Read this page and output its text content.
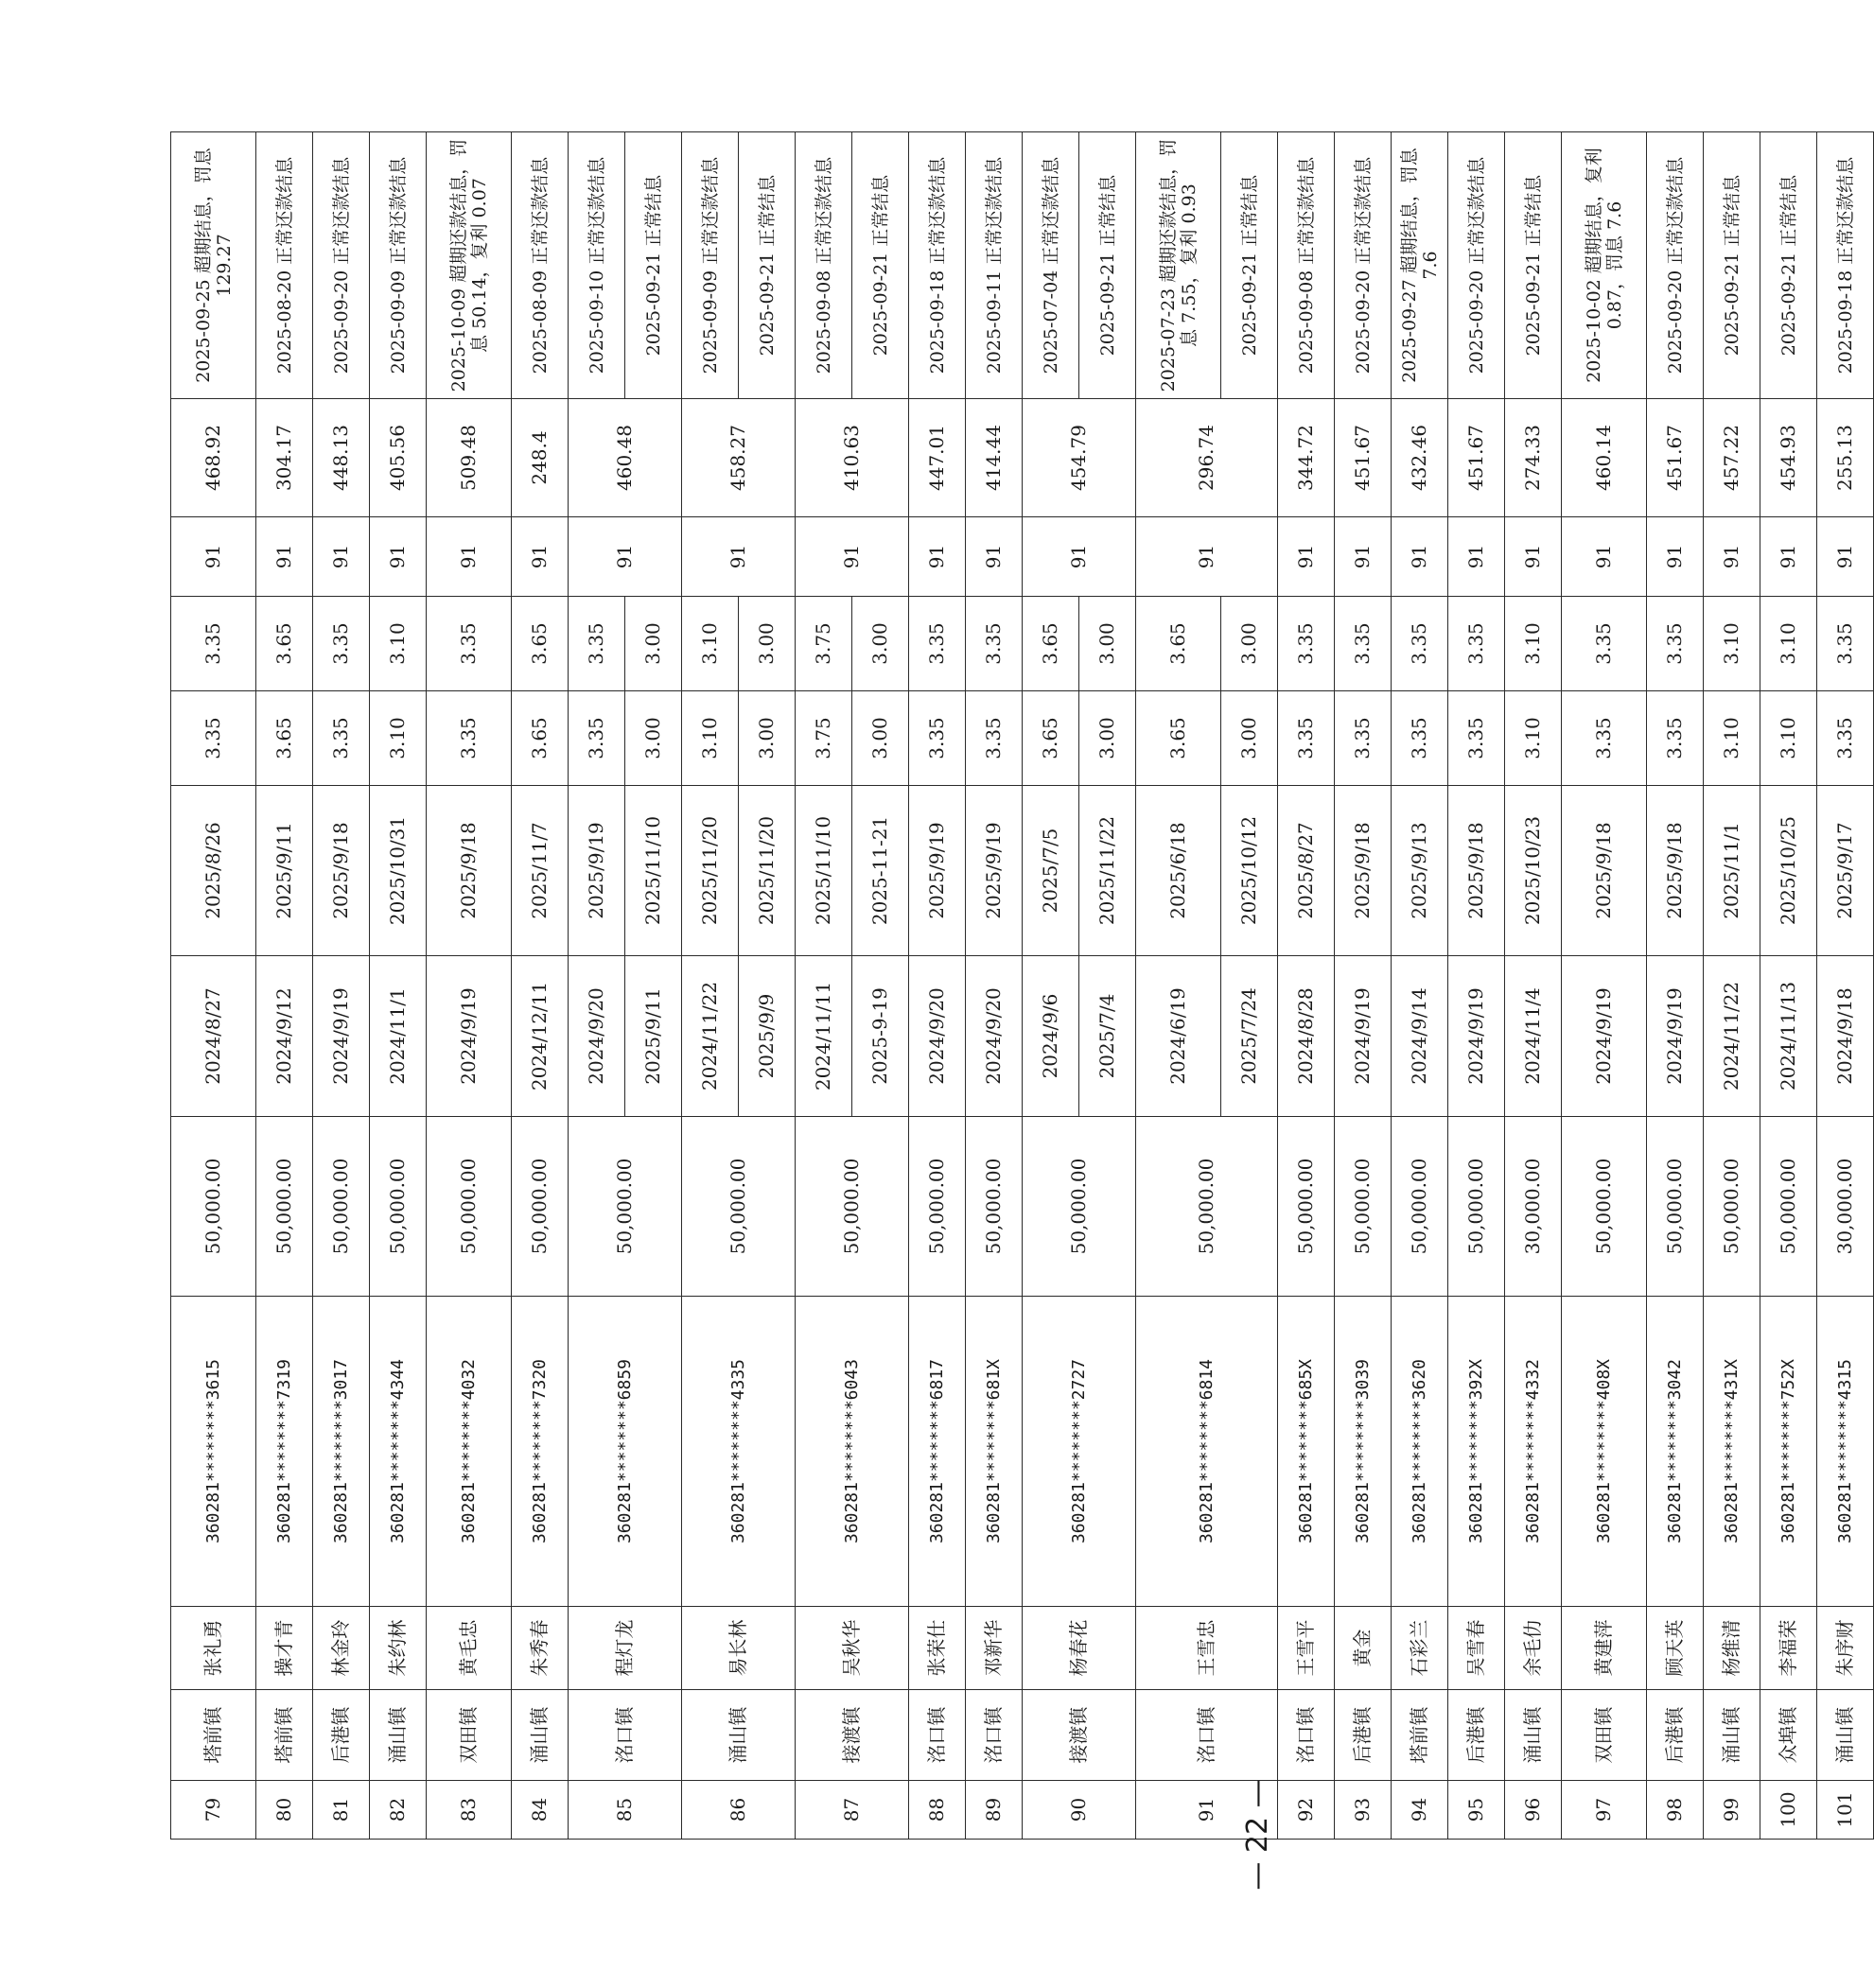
79	塔前镇	张礼勇	360281********3615	50,000.00	2024/8/27	2025/8/26	3.35	3.35	91	468.92	2025-09-25 超期结息，罚息129.27
80	塔前镇	操才青	360281********7319	50,000.00	2024/9/12	2025/9/11	3.65	3.65	91	304.17	2025-08-20 正常还款结息
81	后港镇	林金玲	360281********3017	50,000.00	2024/9/19	2025/9/18	3.35	3.35	91	448.13	2025-09-20 正常还款结息
82	涌山镇	朱约林	360281********4344	50,000.00	2024/11/1	2025/10/31	3.10	3.10	91	405.56	2025-09-09 正常还款结息
83	双田镇	黄毛忠	360281********4032	50,000.00	2024/9/19	2025/9/18	3.35	3.35	91	509.48	2025-10-09 超期还款结息，罚息 50.14，复利 0.07
84	涌山镇	朱秀春	360281********7320	50,000.00	2024/12/11	2025/11/7	3.65	3.65	91	248.4	2025-08-09 正常还款结息
85	洺口镇	程灯龙	360281********6859	50,000.00	2024/9/20	2025/9/19	3.35	3.35	91	460.48	2025-09-10 正常还款结息
					2025/9/11	2025/11/10	3.00	3.00			2025-09-21 正常结息
86	涌山镇	易长林	360281********4335	50,000.00	2024/11/22	2025/11/20	3.10	3.10	91	458.27	2025-09-09 正常还款结息
					2025/9/9	2025/11/20	3.00	3.00			2025-09-21 正常结息
87	接渡镇	吴秋华	360281********6043	50,000.00	2024/11/11	2025/11/10	3.75	3.75	91	410.63	2025-09-08 正常还款结息
					2025-9-19	2025-11-21	3.00	3.00			2025-09-21 正常结息
88	洺口镇	张荣仕	360281********6817	50,000.00	2024/9/20	2025/9/19	3.35	3.35	91	447.01	2025-09-18 正常还款结息
89	洺口镇	邓新华	360281********681X	50,000.00	2024/9/20	2025/9/19	3.35	3.35	91	414.44	2025-09-11 正常还款结息
90	接渡镇	杨春花	360281********2727	50,000.00	2024/9/6	2025/7/5	3.65	3.65	91	454.79	2025-07-04 正常还款结息
					2025/7/4	2025/11/22	3.00	3.00			2025-09-21 正常结息
91	洺口镇	王雪忠	360281********6814	50,000.00	2024/6/19	2025/6/18	3.65	3.65	91	296.74	2025-07-23 超期还款结息，罚息 7.55，复利 0.93
					2025/7/24	2025/10/12	3.00	3.00			2025-09-21 正常结息
92	洺口镇	王雪平	360281********685X	50,000.00	2024/8/28	2025/8/27	3.35	3.35	91	344.72	2025-09-08 正常还款结息
93	后港镇	黄金	360281********3039	50,000.00	2024/9/19	2025/9/18	3.35	3.35	91	451.67	2025-09-20 正常还款结息
94	塔前镇	石彩兰	360281********3620	50,000.00	2024/9/14	2025/9/13	3.35	3.35	91	432.46	2025-09-27 超期结息，罚息 7.6
95	后港镇	吴雪春	360281********392X	50,000.00	2024/9/19	2025/9/18	3.35	3.35	91	451.67	2025-09-20 正常还款结息
96	涌山镇	余毛仂	360281********4332	30,000.00	2024/11/4	2025/10/23	3.10	3.10	91	274.33	2025-09-21 正常结息
97	双田镇	黄建萍	360281********408X	50,000.00	2024/9/19	2025/9/18	3.35	3.35	91	460.14	2025-10-02 超期结息，复利 0.87，罚息 7.6
98	后港镇	顾天英	360281********3042	50,000.00	2024/9/19	2025/9/18	3.35	3.35	91	451.67	2025-09-20 正常还款结息
99	涌山镇	杨维清	360281********431X	50,000.00	2024/11/22	2025/11/1	3.10	3.10	91	457.22	2025-09-21 正常结息
100	众埠镇	李福荣	360281********752X	50,000.00	2024/11/13	2025/10/25	3.10	3.10	91	454.93	2025-09-21 正常结息
101	涌山镇	朱序财	360281********4315	30,000.00	2024/9/18	2025/9/17	3.35	3.35	91	255.13	2025-09-18 正常还款结息
— 22 —
